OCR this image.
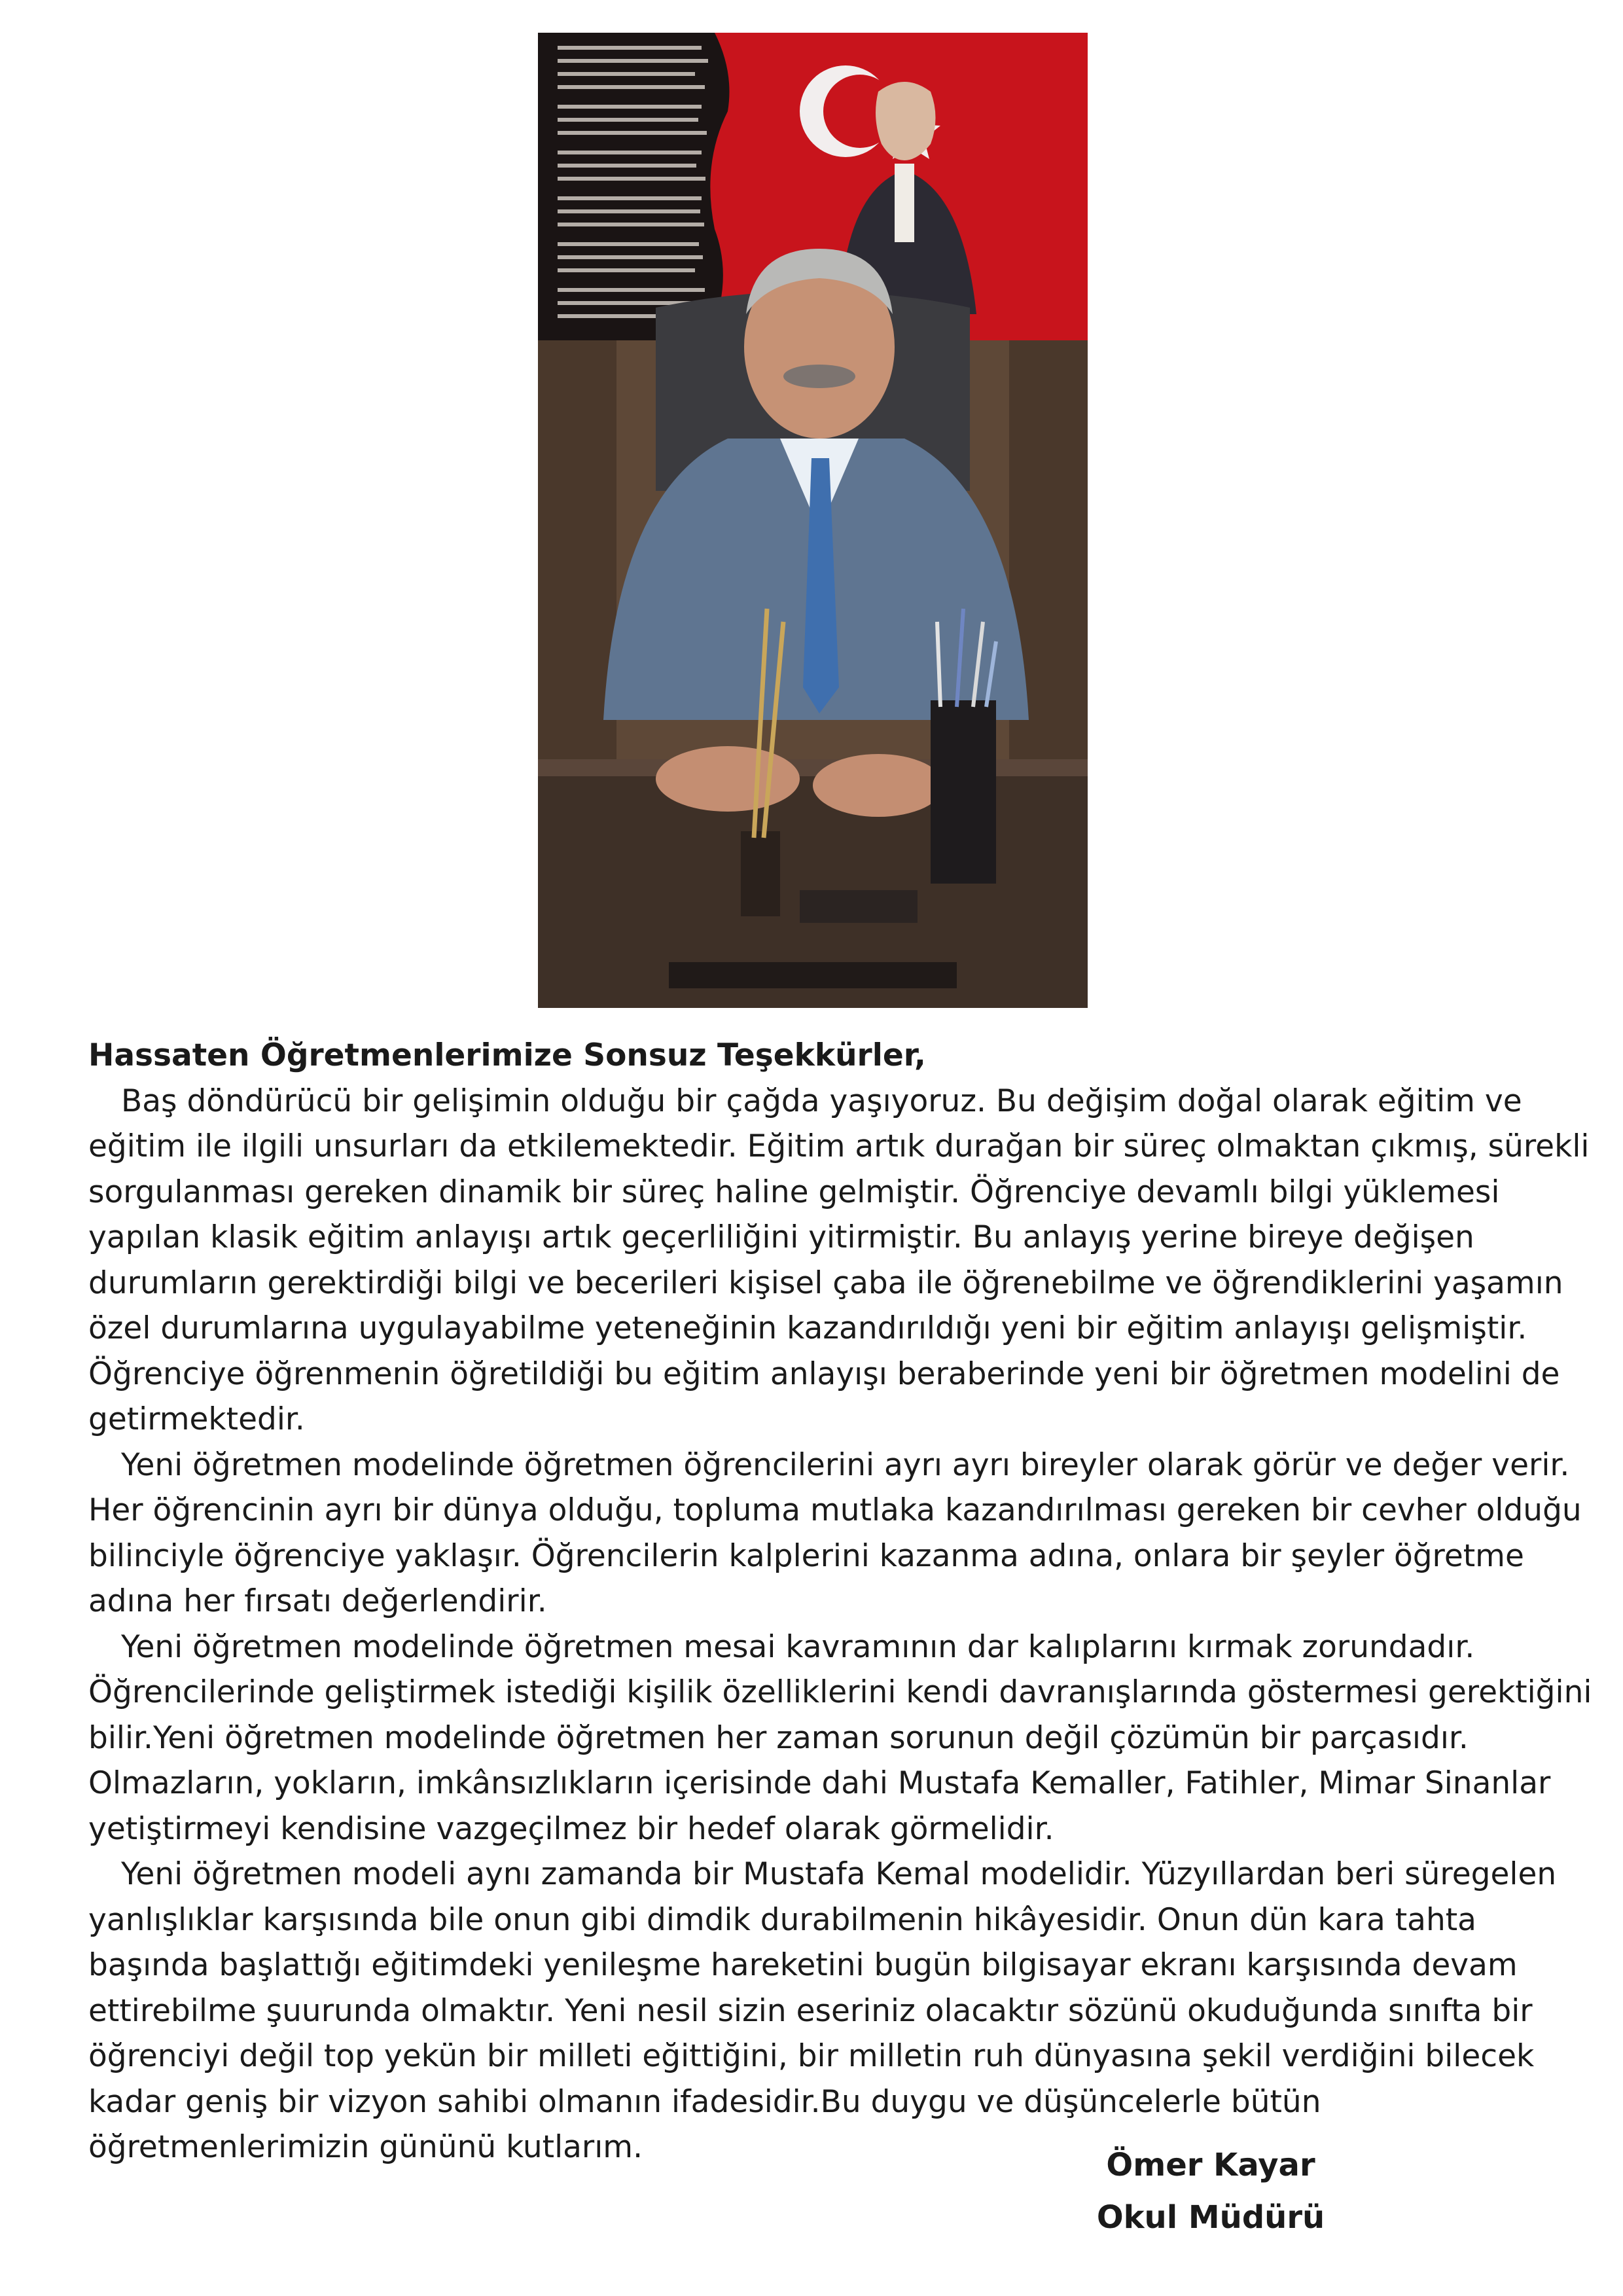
Hassaten Öğretmenlerimize Sonsuz Teşekkürler,

Baş döndürücü bir gelişimin olduğu bir çağda yaşıyoruz. Bu değişim doğal olarak eğitim ve eğitim ile ilgili unsurları da etkilemektedir. Eğitim artık durağan bir süreç olmaktan çıkmış, sürekli sorgulanması gereken dinamik bir süreç haline gelmiştir. Öğrenciye devamlı bilgi yüklemesi yapılan klasik eğitim anlayışı artık geçerliliğini yitirmiştir. Bu anlayış yerine bireye değişen durumların gerektirdiği bilgi ve becerileri kişisel çaba ile öğrenebilme ve öğrendiklerini yaşamın özel durumlarına uygulayabilme yeteneğinin kazandırıldığı yeni bir eğitim anlayışı gelişmiştir. Öğrenciye öğrenmenin öğretildiği bu eğitim anlayışı beraberinde yeni bir öğretmen modelini de getirmektedir.

Yeni öğretmen modelinde öğretmen öğrencilerini ayrı ayrı bireyler olarak görür ve değer verir. Her öğrencinin ayrı bir dünya olduğu, topluma mutlaka kazandırılması gereken bir cevher olduğu bilinciyle öğrenciye yaklaşır. Öğrencilerin kalplerini kazanma adına, onlara bir şeyler öğretme adına her fırsatı değerlendirir.

Yeni öğretmen modelinde öğretmen mesai kavramının dar kalıplarını kırmak zorundadır. Öğrencilerinde geliştirmek istediği kişilik özelliklerini kendi davranışlarında göstermesi gerektiğini bilir.Yeni öğretmen modelinde öğretmen her zaman sorunun değil çözümün bir parçasıdır. Olmazların, yokların, imkânsızlıkların içerisinde dahi Mustafa Kemaller, Fatihler, Mimar Sinanlar yetiştirmeyi kendisine vazgeçilmez bir hedef olarak görmelidir.

Yeni öğretmen modeli aynı zamanda bir Mustafa Kemal modelidir. Yüzyıllardan beri süregelen yanlışlıklar karşısında bile onun gibi dimdik durabilmenin hikâyesidir. Onun dün kara tahta başında başlattığı eğitimdeki yenileşme hareketini bugün bilgisayar ekranı karşısında devam ettirebilme şuurunda olmaktır. Yeni nesil sizin eseriniz olacaktır sözünü okuduğunda sınıfta bir öğrenciyi değil top yekün bir milleti eğittiğini, bir milletin ruh dünyasına şekil verdiğini bilecek kadar geniş bir vizyon sahibi olmanın ifadesidir.Bu duygu ve düşüncelerle bütün öğretmenlerimizin gününü kutlarım.	Ömer Kayar
Okul Müdürü
